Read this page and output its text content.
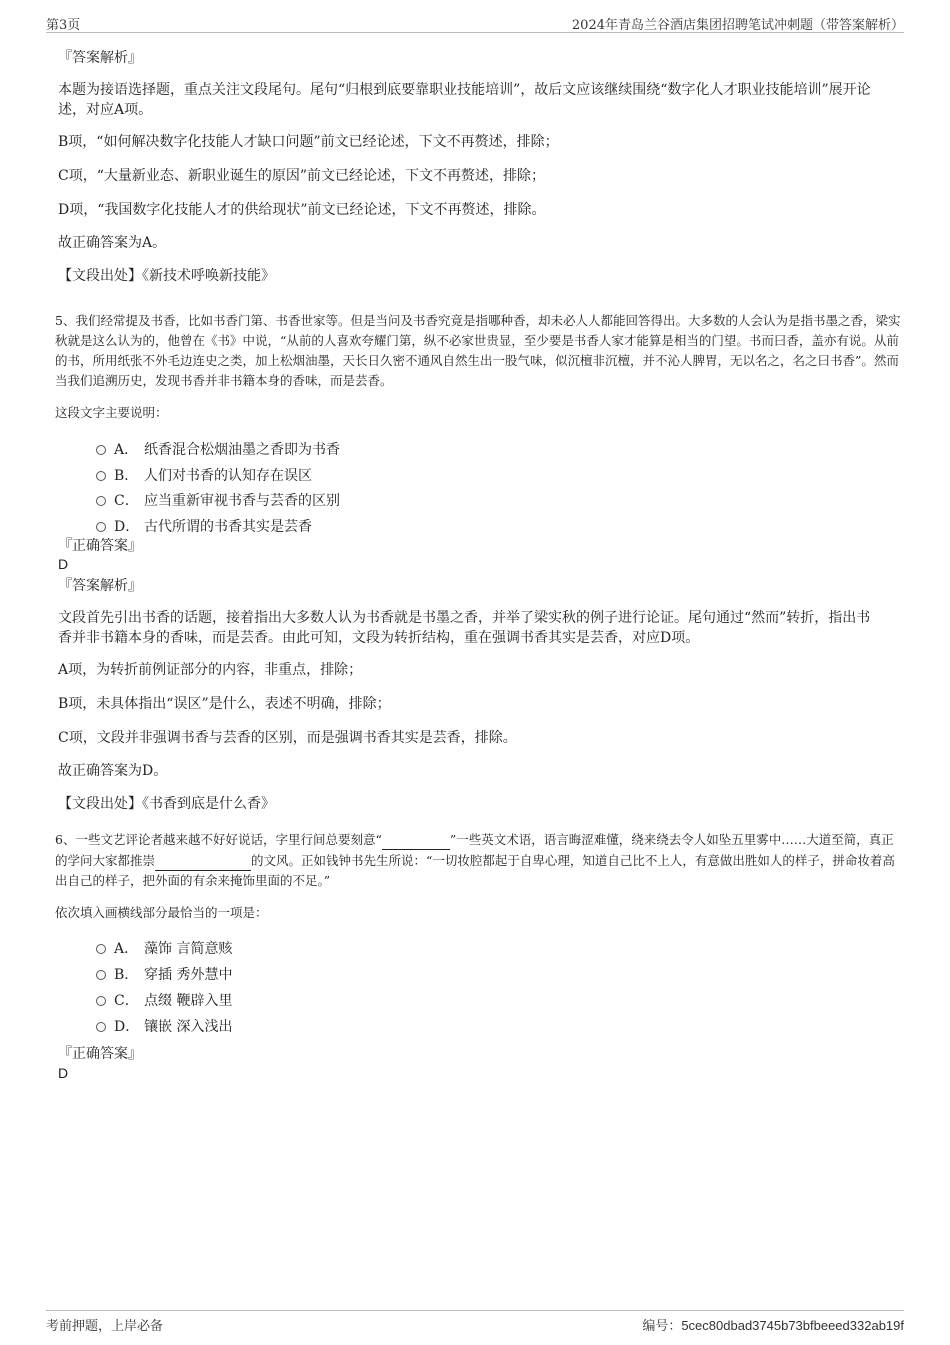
第3页	2024年青岛兰谷酒店集团招聘笔试冲刺题（带答案解析）
『答案解析』
本题为接语选择题，重点关注文段尾句。尾句“归根到底要靠职业技能培训”，故后文应该继续围绕“数字化人才职业技能培训”展开论述，对应A项。
B项，“如何解决数字化技能人才缺口问题”前文已经论述，下文不再赘述，排除；
C项，“大量新业态、新职业诞生的原因”前文已经论述，下文不再赘述，排除；
D项，“我国数字化技能人才的供给现状”前文已经论述，下文不再赘述，排除。
故正确答案为A。
【文段出处】《新技术呼唤新技能》
5、我们经常提及书香，比如书香门第、书香世家等。但是当问及书香究竟是指哪种香，却未必人人都能回答得出。大多数的人会认为是指书墨之香，梁实秋就是这么认为的，他曾在《书》中说，“从前的人喜欢夸耀门第，纵不必家世贵显，至少要是书香人家才能算是相当的门望。书而曰香，盖亦有说。从前的书，所用纸张不外毛边连史之类，加上松烟油墨，天长日久密不通风自然生出一股气味，似沉檀非沉檀，并不沁人脾胃，无以名之，名之曰书香”。然而当我们追溯历史，发现书香并非书籍本身的香味，而是芸香。
这段文字主要说明：
A． 纸香混合松烟油墨之香即为书香
B． 人们对书香的认知存在误区
C． 应当重新审视书香与芸香的区别
D． 古代所谓的书香其实是芸香
『正确答案』
D
『答案解析』
文段首先引出书香的话题，接着指出大多数人认为书香就是书墨之香，并举了梁实秋的例子进行论证。尾句通过“然而”转折，指出书香并非书籍本身的香味，而是芸香。由此可知，文段为转折结构，重在强调书香其实是芸香，对应D项。
A项，为转折前例证部分的内容，非重点，排除；
B项，未具体指出“误区”是什么，表述不明确，排除；
C项，文段并非强调书香与芸香的区别，而是强调书香其实是芸香，排除。
故正确答案为D。
【文段出处】《书香到底是什么香》
6、一些文艺评论者越来越不好好说话，字里行间总要刻意“	”一些英文术语，语言晦涩难懂，绕来绕去令人如坠五里雾中……大道至简，真正的学问大家都推崇	的文风。正如钱钟书先生所说：“一切妆腔都起于自卑心理，知道自己比不上人，有意做出胜如人的样子，拼命妆着高出自己的样子，把外面的有余来掩饰里面的不足。”
依次填入画横线部分最恰当的一项是：
A． 藻饰 言简意赅
B． 穿插 秀外慧中
C． 点缀 鞭辟入里
D． 镶嵌 深入浅出
『正确答案』
D
考前押题，上岸必备	编号：5cec80dbad3745b73bfbeeed332ab19f
